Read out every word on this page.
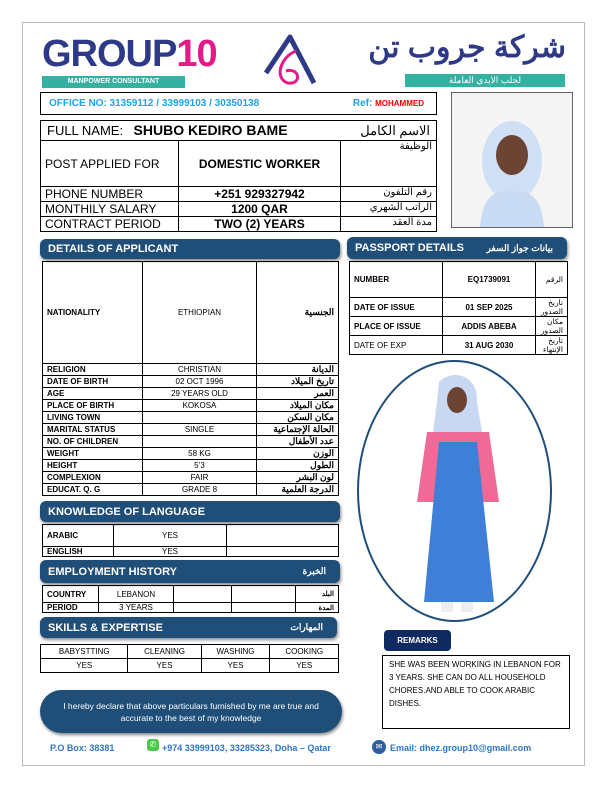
GROUP10
MANPOWER CONSULTANT
شركة جروب تن
لجلب الايدي العاملة
OFFICE NO: 31359112 / 33999103 / 30350138	Ref: MOHAMMED
FULL NAME: SHUBO KEDIRO BAME	الاسم الكامل
POST APPLIED FOR	DOMESTIC WORKER	الوظيفة
PHONE NUMBER	+251 929327942	رقم التلفون
MONTHILY SALARY	1200 QAR	الراتب الشهري
CONTRACT PERIOD	TWO (2) YEARS	مدة العقد
DETAILS OF APPLICANT
NATIONALITY	ETHIOPIAN	الجنسية
RELIGION	CHRISTIAN	الديانة
DATE OF BIRTH	02 OCT 1996	تاريخ الميلاد
AGE	29 YEARS OLD	العمر
PLACE OF BIRTH	KOKOSA	مكان الميلاد
LIVING TOWN		مكان السكن
MARITAL STATUS	SINGLE	الحالة الإجتماعية
NO. OF CHILDREN		عدد الأطفال
WEIGHT	58 KG	الوزن
HEIGHT	5’3	الطول
COMPLEXION	FAIR	لون البشر
EDUCAT. Q. G	GRADE 8	الدرجة العلمية
PASSPORT DETAILS بيانات جواز السفر
NUMBER	EQ1739091	الرقم
DATE OF ISSUE	01 SEP 2025	تاريخ الصدور
PLACE OF ISSUE	ADDIS ABEBA	مكان الصدور
DATE OF EXP	31 AUG 2030	تاريخ الإنتهاء
KNOWLEDGE OF LANGUAGE
ARABIC	YES	
ENGLISH	YES	
EMPLOYMENT HISTORY	الخبرة
COUNTRY	LEBANON			البلد
PERIOD	3 YEARS			المدة
SKILLS & EXPERTISE	المهارات
BABYSTTING	CLEANING	WASHING	COOKING
YES	YES	YES	YES
REMARKS
SHE WAS BEEN WORKING IN LEBANON FOR 3 YEARS. SHE CAN DO ALL HOUSEHOLD CHORES.AND ABLE TO COOK ARABIC DISHES.
I hereby declare that above particulars furnished by me are true and accurate to the best of my knowledge
P.O Box: 38381	✆ +974 33999103, 33285323, Doha – Qatar	✉ Email: dhez.group10@gmail.com
